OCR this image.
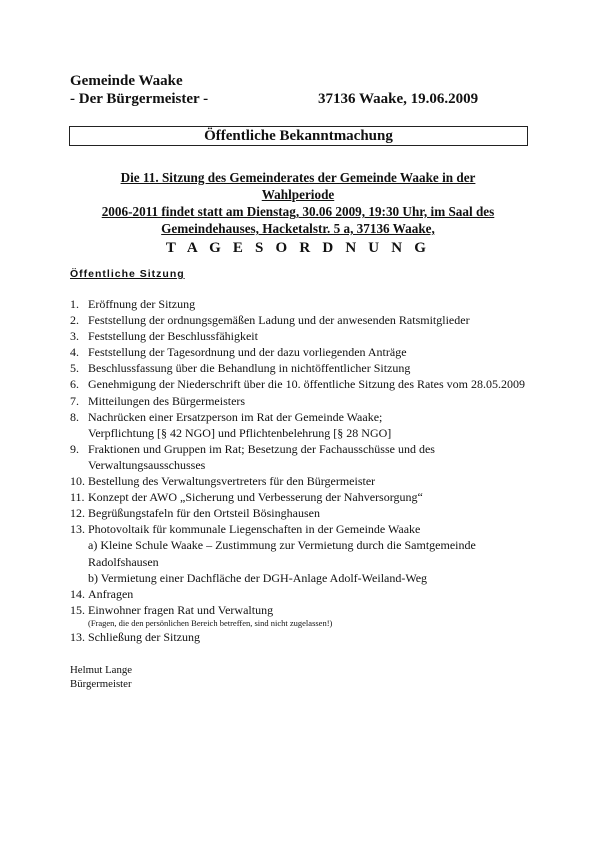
Gemeinde Waake
- Der Bürgermeister -	37136 Waake, 19.06.2009
Öffentliche Bekanntmachung
Die 11. Sitzung des Gemeinderates der Gemeinde Waake in der Wahlperiode
2006-2011 findet statt am Dienstag, 30.06 2009, 19:30 Uhr, im Saal des
Gemeindehauses, Hacketalstr. 5 a, 37136 Waake,
T A G E S O R D N U N G
Öffentliche Sitzung
1. Eröffnung der Sitzung
2. Feststellung der ordnungsgemäßen Ladung und der anwesenden Ratsmitglieder
3. Feststellung der Beschlussfähigkeit
4. Feststellung der Tagesordnung und der dazu vorliegenden Anträge
5. Beschlussfassung über die Behandlung in nichtöffentlicher Sitzung
6. Genehmigung der Niederschrift über die 10. öffentliche Sitzung des Rates vom 28.05.2009
7. Mitteilungen des Bürgermeisters
8. Nachrücken einer Ersatzperson im Rat der Gemeinde Waake;
Verpflichtung [§ 42 NGO] und Pflichtenbelehrung [§ 28 NGO]
9. Fraktionen und Gruppen im Rat; Besetzung der Fachausschüsse und des
Verwaltungsausschusses
10. Bestellung des Verwaltungsvertreters für den Bürgermeister
11. Konzept der AWO „Sicherung und Verbesserung der Nahversorgung“
12. Begrüßungstafeln für den Ortsteil Bösinghausen
13. Photovoltaik für kommunale Liegenschaften in der Gemeinde Waake
a) Kleine Schule Waake – Zustimmung zur Vermietung durch die Samtgemeinde
Radolfshausen
b) Vermietung einer Dachfläche der DGH-Anlage Adolf-Weiland-Weg
14. Anfragen
15. Einwohner fragen Rat und Verwaltung
(Fragen, die den persönlichen Bereich betreffen, sind nicht zugelassen!)
13. Schließung der Sitzung
Helmut Lange
Bürgermeister
